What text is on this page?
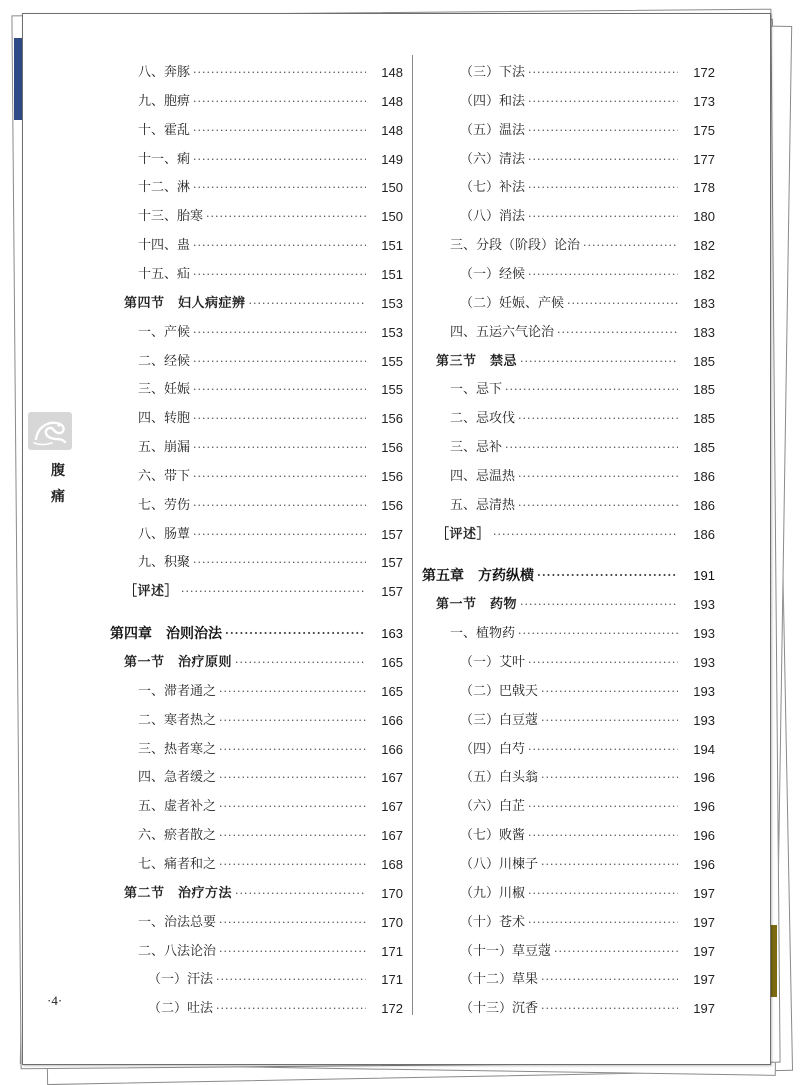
腹痛
八、奔豚 ·····	148
九、胞痹 ·····	148
十、霍乱 ·····	148
十一、痢 ·····	149
十二、淋 ·····	150
十三、胎寒 ·····	150
十四、蛊 ·····	151
十五、疝 ·····	151
第四节　妇人病症辨 ·····	153
一、产候 ·····	153
二、经候 ·····	155
三、妊娠 ·····	155
四、转胞 ·····	156
五、崩漏 ·····	156
六、带下 ·····	156
七、劳伤 ·····	156
八、肠蕈 ·····	157
九、积聚 ·····	157
［评述］ ·····	157
第四章　治则治法 ·····	163
第一节　治疗原则 ·····	165
一、滞者通之 ·····	165
二、寒者热之 ·····	166
三、热者寒之 ·····	166
四、急者缓之 ·····	167
五、虚者补之 ·····	167
六、瘀者散之 ·····	167
七、痛者和之 ·····	168
第二节　治疗方法 ·····	170
一、治法总要 ·····	170
二、八法论治 ·····	171
（一）汗法 ·····	171
（二）吐法 ·····	172
（三）下法 ·····	172
（四）和法 ·····	173
（五）温法 ·····	175
（六）清法 ·····	177
（七）补法 ·····	178
（八）消法 ·····	180
三、分段（阶段）论治 ·····	182
（一）经候 ·····	182
（二）妊娠、产候 ·····	183
四、五运六气论治 ·····	183
第三节　禁忌 ·····	185
一、忌下 ·····	185
二、忌攻伐 ·····	185
三、忌补 ·····	185
四、忌温热 ·····	186
五、忌清热 ·····	186
［评述］ ·····	186
第五章　方药纵横 ·····	191
第一节　药物 ·····	193
一、植物药 ·····	193
（一）艾叶 ·····	193
（二）巴戟天 ·····	193
（三）白豆蔻 ·····	193
（四）白芍 ·····	194
（五）白头翁 ·····	196
（六）白芷 ·····	196
（七）败酱 ·····	196
（八）川楝子 ·····	196
（九）川椒 ·····	197
（十）苍术 ·····	197
（十一）草豆蔻 ·····	197
（十二）草果 ·····	197
（十三）沉香 ·····	197
·4·
